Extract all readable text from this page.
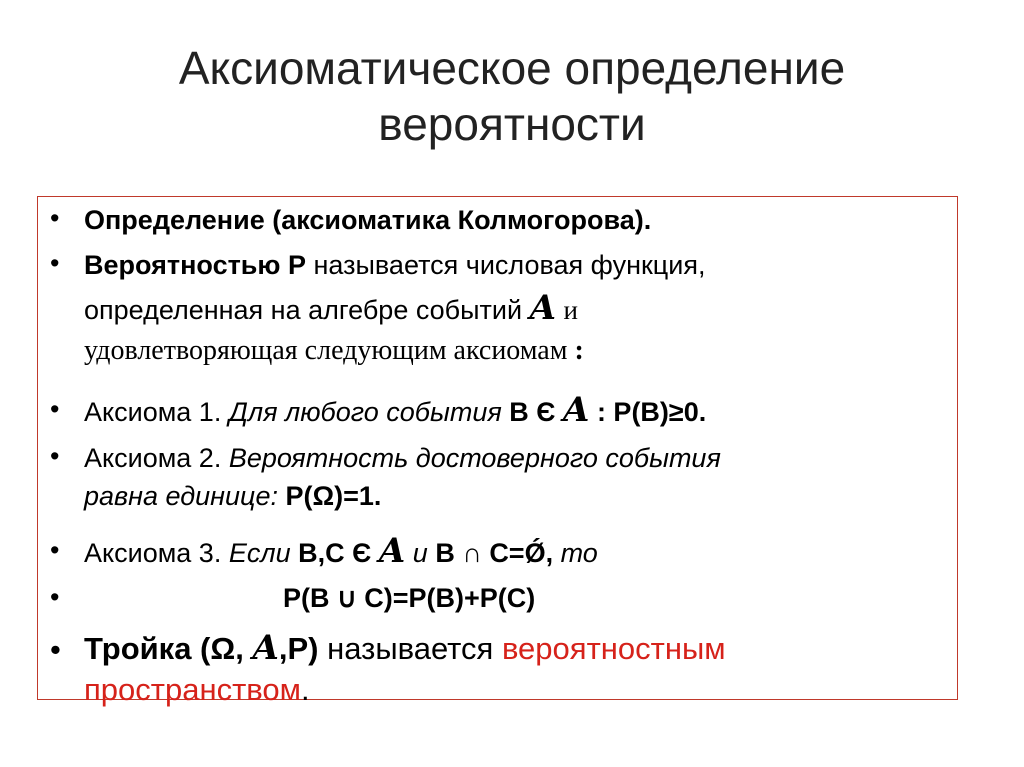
Аксиоматическое определение
вероятности
• Определение (аксиоматика Колмогорова).
• Вероятностью P называется числовая функция,
определенная на алгебре событий A и
удовлетворяющая следующим аксиомам :
• Аксиома 1. Для любого события B Є A : P(B)≥0.
• Аксиома 2. Вероятность достоверного события
равна единице: P(Ω)=1.
• Аксиома 3. Если B,C Є A и B ∩ C=Ǿ, то
•	P(B ∪ C)=P(B)+P(C)
• Тройка (Ω, A,P) называется вероятностным
пространством.
